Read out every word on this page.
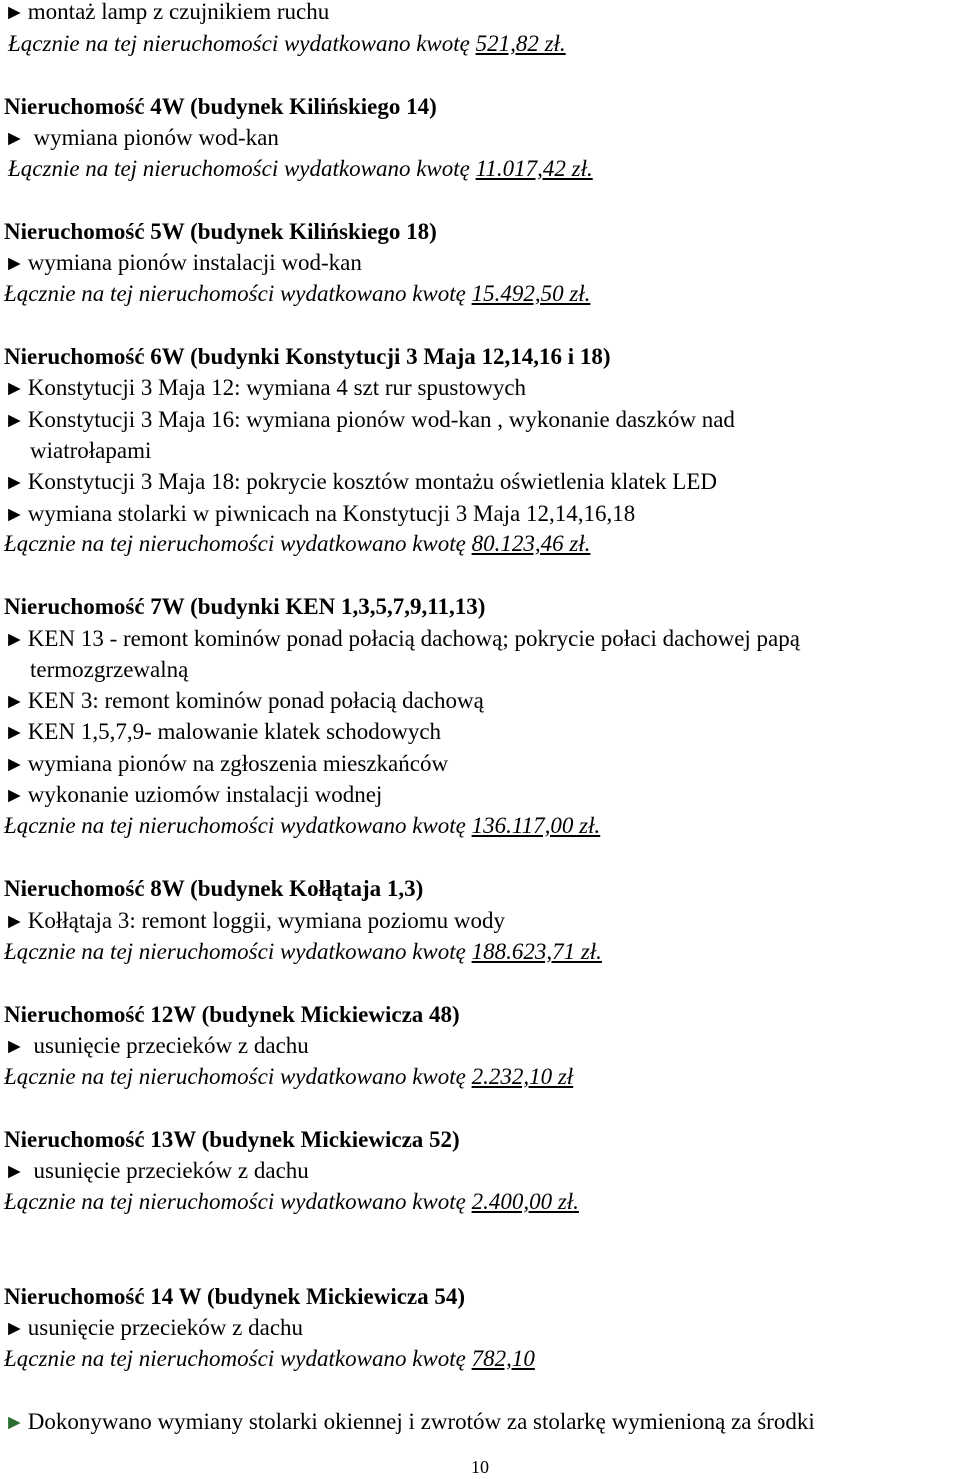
► montaż lamp z czujnikiem ruchu
Łącznie na tej nieruchomości wydatkowano kwotę 521,82 zł.
Nieruchomość 4W (budynek Kilińskiego 14)
► wymiana pionów wod-kan
Łącznie na tej nieruchomości wydatkowano kwotę 11.017,42 zł.
Nieruchomość 5W (budynek Kilińskiego 18)
► wymiana pionów instalacji wod-kan
Łącznie na tej nieruchomości wydatkowano kwotę 15.492,50 zł.
Nieruchomość 6W (budynki Konstytucji 3 Maja 12,14,16 i 18)
► Konstytucji 3 Maja 12: wymiana 4 szt rur spustowych
► Konstytucji 3 Maja 16: wymiana pionów wod-kan , wykonanie daszków nad
wiatrołapami
► Konstytucji 3 Maja 18: pokrycie kosztów montażu oświetlenia klatek LED
► wymiana stolarki w piwnicach na Konstytucji 3 Maja 12,14,16,18
Łącznie na tej nieruchomości wydatkowano kwotę 80.123,46 zł.
Nieruchomość 7W (budynki KEN 1,3,5,7,9,11,13)
► KEN 13 - remont kominów ponad połacią dachową; pokrycie połaci dachowej papą
termozgrzewalną
► KEN 3: remont kominów ponad połacią dachową
► KEN 1,5,7,9- malowanie klatek schodowych
► wymiana pionów na zgłoszenia mieszkańców
► wykonanie uziomów instalacji wodnej
Łącznie na tej nieruchomości wydatkowano kwotę 136.117,00 zł.
Nieruchomość 8W (budynek Kołłątaja 1,3)
► Kołłątaja 3: remont loggii, wymiana poziomu wody
Łącznie na tej nieruchomości wydatkowano kwotę 188.623,71 zł.
Nieruchomość 12W (budynek Mickiewicza 48)
► usunięcie przecieków z dachu
Łącznie na tej nieruchomości wydatkowano kwotę 2.232,10 zł
Nieruchomość 13W (budynek Mickiewicza 52)
► usunięcie przecieków z dachu
Łącznie na tej nieruchomości wydatkowano kwotę 2.400,00 zł.
Nieruchomość 14 W (budynek Mickiewicza 54)
► usunięcie przecieków z dachu
Łącznie na tej nieruchomości wydatkowano kwotę 782,10
► Dokonywano wymiany stolarki okiennej i zwrotów za stolarkę wymienioną za środki
10
